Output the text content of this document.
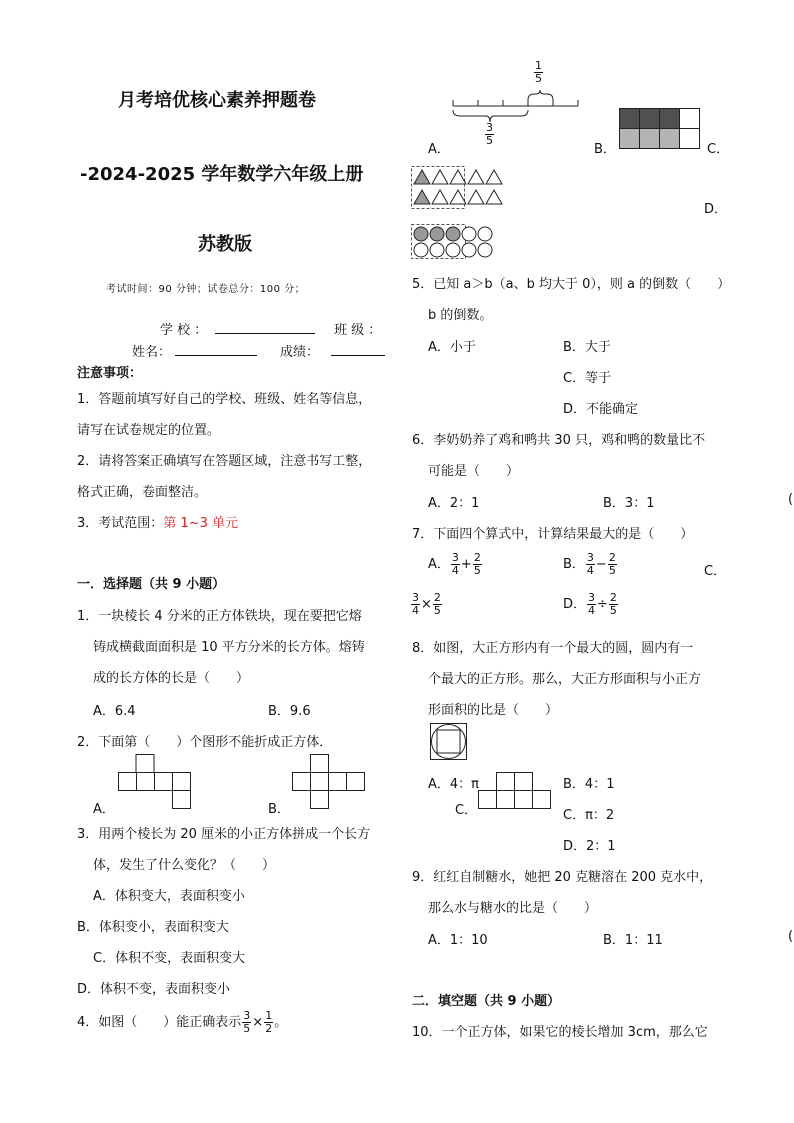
月考培优核心素养押题卷
-2024-2025 学年数学六年级上册
苏教版
考试时间：90 分钟；试卷总分：100 分；
学 校 ：	班 级 ：
姓名：	成绩：
注意事项：
1．答题前填写好自己的学校、班级、姓名等信息，
请写在试卷规定的位置。
2．请将答案正确填写在答题区域，注意书写工整，
格式正确，卷面整洁。
3．考试范围：第 1~3 单元
一．选择题（共 9 小题）
1．一块棱长 4 分米的正方体铁块，现在要把它熔
铸成横截面面积是 10 平方分米的长方体。熔铸
成的长方体的长是（　　）
A．6.4	B．9.6
2．下面第（　　）个图形不能折成正方体．
A．	B．
3．用两个棱长为 20 厘米的小正方体拼成一个长方
体，发生了什么变化？（　　）
A．体积变大，表面积变小
B．体积变小，表面积变大
C．体积不变，表面积变大
D．体积不变，表面积变小
4．如图（　　）能正确表示 $\frac{3}{5} \times \frac{1}{2}$ 。
$\frac{1}{5}$
$\frac{3}{5}$
A．	B．	C．
D．
5．已知 a＞b（a、b 均大于 0），则 a 的倒数（　　）
b 的倒数。
A．小于	B．大于
C．等于
D．不能确定
6．李奶奶养了鸡和鸭共 30 只，鸡和鸭的数量比不
可能是（　　）
A．2：1	B．3：1	(
7．下面四个算式中，计算结果最大的是（　　）
A． $\frac{3}{4} + \frac{2}{5}$	B． $\frac{3}{4} - \frac{2}{5}$	C．
$\frac{3}{4} \times \frac{2}{5}$	D． $\frac{3}{4} \div \frac{2}{5}$
8．如图，大正方形内有一个最大的圆，圆内有一
个最大的正方形。那么，大正方形面积与小正方
形面积的比是（　　）
A．4：π
C．
B．4：1
C．π：2
D．2：1
9．红红自制糖水，她把 20 克糖溶在 200 克水中，
那么水与糖水的比是（　　）
A．1：10	B．1：11	(
二．填空题（共 9 小题）
10．一个正方体，如果它的棱长增加 3cm，那么它
